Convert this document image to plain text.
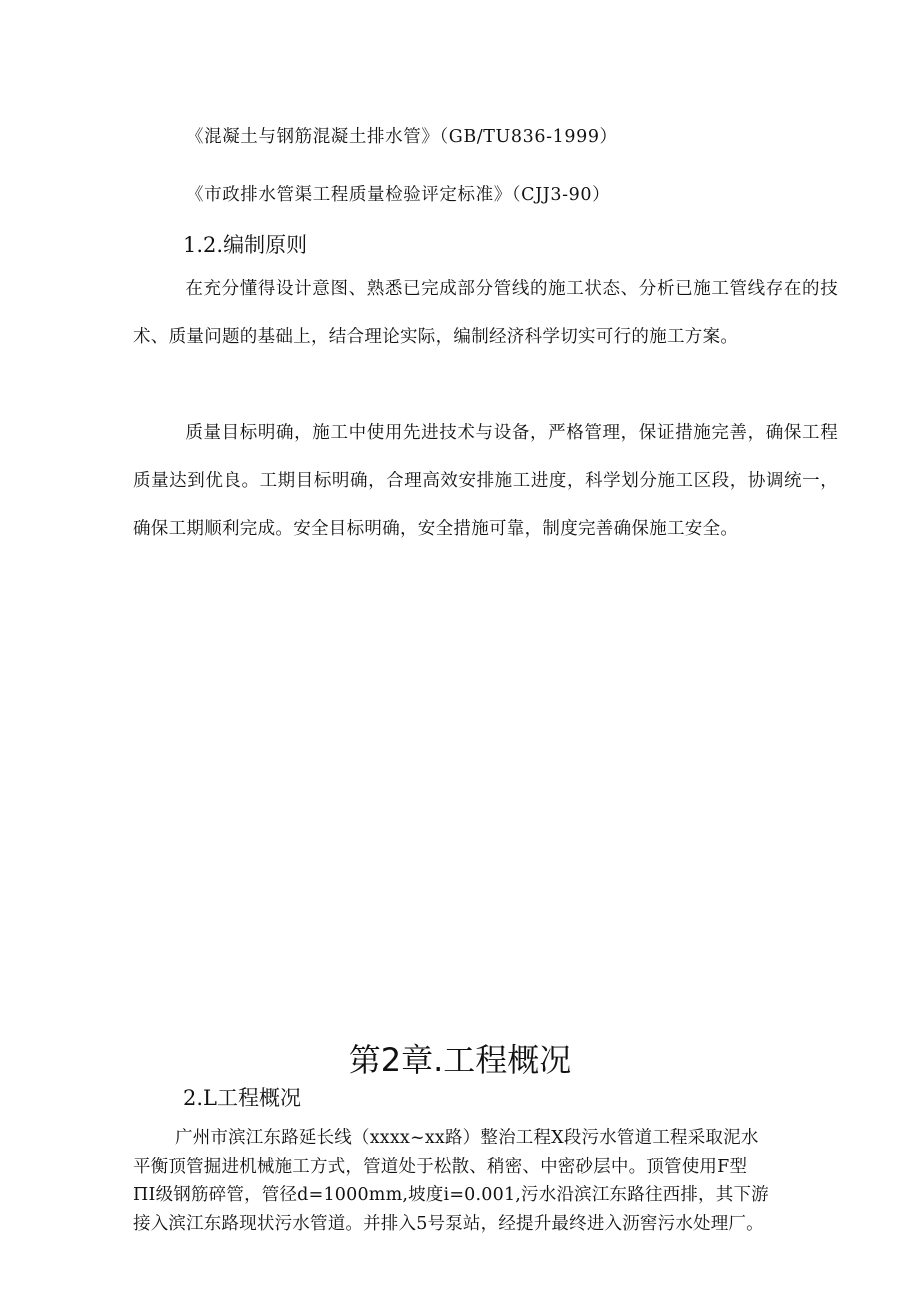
《混凝土与钢筋混凝土排水管》（GB/TU836-1999）
《市政排水管渠工程质量检验评定标准》（CJJ3-90）
1.2.编制原则
在充分懂得设计意图、熟悉已完成部分管线的施工状态、分析已施工管线存在的技术、质量问题的基础上，结合理论实际，编制经济科学切实可行的施工方案。
质量目标明确，施工中使用先进技术与设备，严格管理，保证措施完善，确保工程质量达到优良。工期目标明确，合理高效安排施工进度，科学划分施工区段，协调统一，确保工期顺利完成。安全目标明确，安全措施可靠，制度完善确保施工安全。
第2章.工程概况
2.L工程概况
广州市滨江东路延长线（xxxx~xx路）整治工程X段污水管道工程采取泥水
平衡顶管掘进机械施工方式，管道处于松散、稍密、中密砂层中。顶管使用F型
ΠI级钢筋碎管，管径d=1000mm,坡度i=0.001,污水沿滨江东路往西排，其下游
接入滨江东路现状污水管道。并排入5号泵站，经提升最终进入沥窖污水处理厂。
